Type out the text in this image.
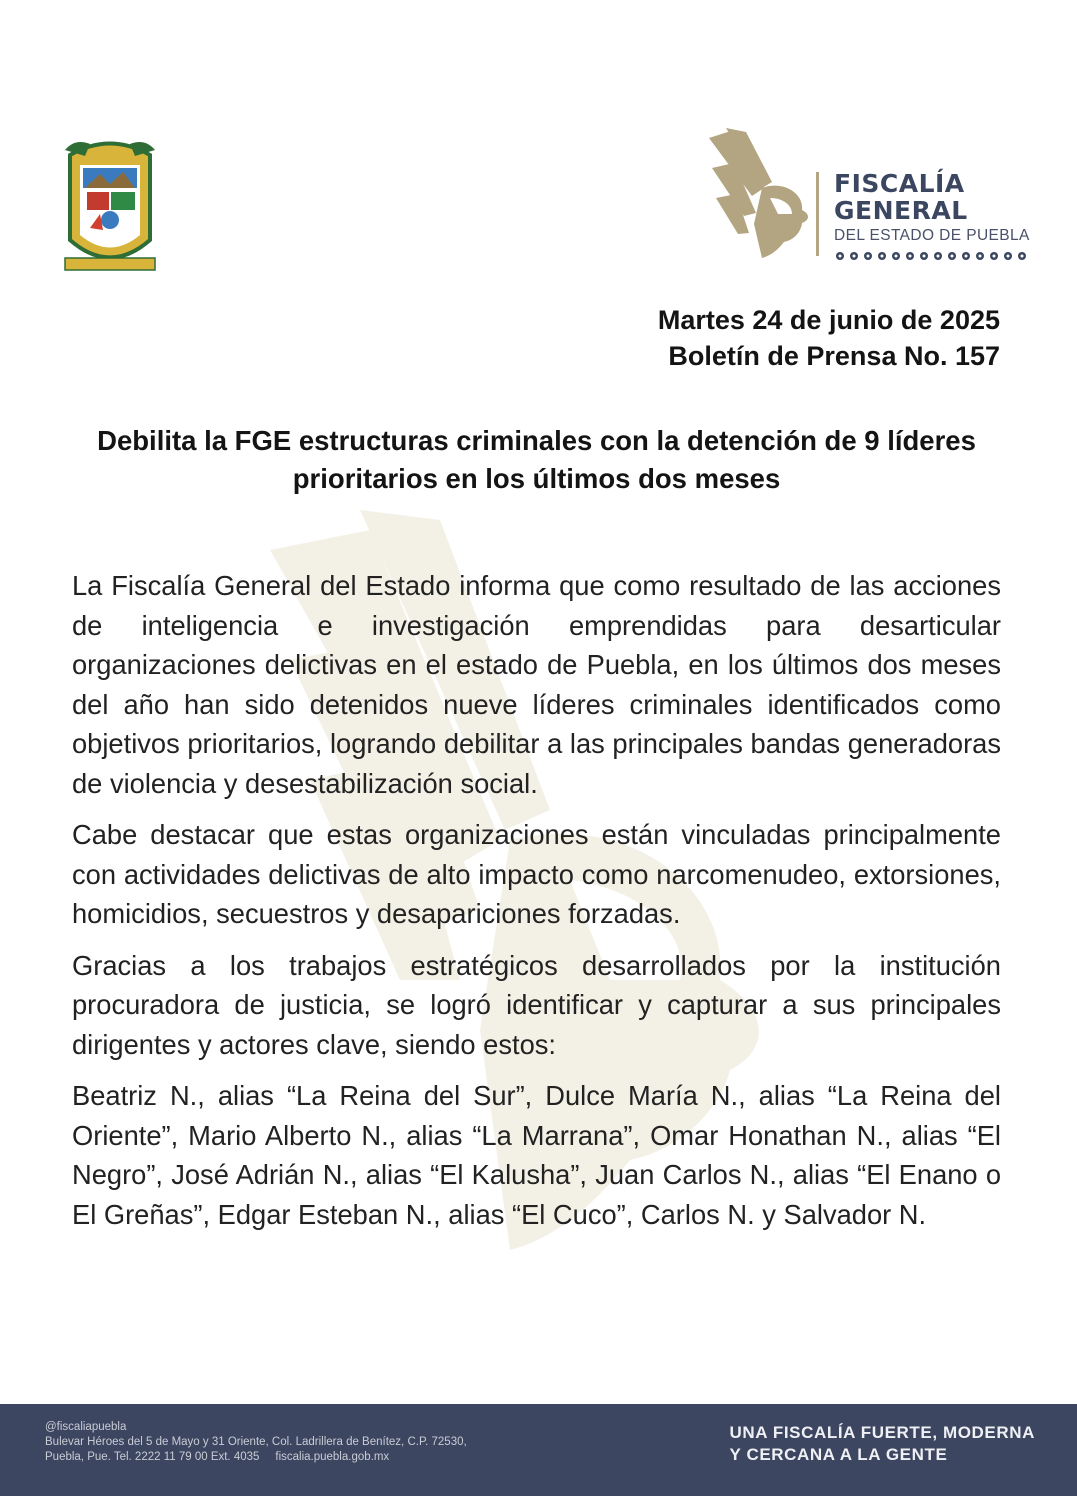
FISCALÍA
GENERAL
DEL ESTADO DE PUEBLA
Martes 24 de junio de 2025
Boletín de Prensa No. 157
Debilita la FGE estructuras criminales con la detención de 9 líderes prioritarios en los últimos dos meses

La Fiscalía General del Estado informa que como resultado de las acciones de inteligencia e investigación emprendidas para desarticular organizaciones delictivas en el estado de Puebla, en los últimos dos meses del año han sido detenidos nueve líderes criminales identificados como objetivos prioritarios, logrando debilitar a las principales bandas generadoras de violencia y desestabilización social.

Cabe destacar que estas organizaciones están vinculadas principalmente con actividades delictivas de alto impacto como narcomenudeo, extorsiones, homicidios, secuestros y desapariciones forzadas.

Gracias a los trabajos estratégicos desarrollados por la institución procuradora de justicia, se logró identificar y capturar a sus principales dirigentes y actores clave, siendo estos:

Beatriz N., alias “La Reina del Sur”, Dulce María N., alias “La Reina del Oriente”, Mario Alberto N., alias “La Marrana”, Omar Honathan N., alias “El Negro”, José Adrián N., alias “El Kalusha”, Juan Carlos N., alias “El Enano o El Greñas”, Edgar Esteban N., alias “El Cuco”, Carlos N. y Salvador N.

@fiscaliapuebla
Bulevar Héroes del 5 de Mayo y 31 Oriente, Col. Ladrillera de Benítez, C.P. 72530,
Puebla, Pue. Tel. 2222 11 79 00 Ext. 4035     fiscalia.puebla.gob.mx
UNA FISCALÍA FUERTE, MODERNA
Y CERCANA A LA GENTE
